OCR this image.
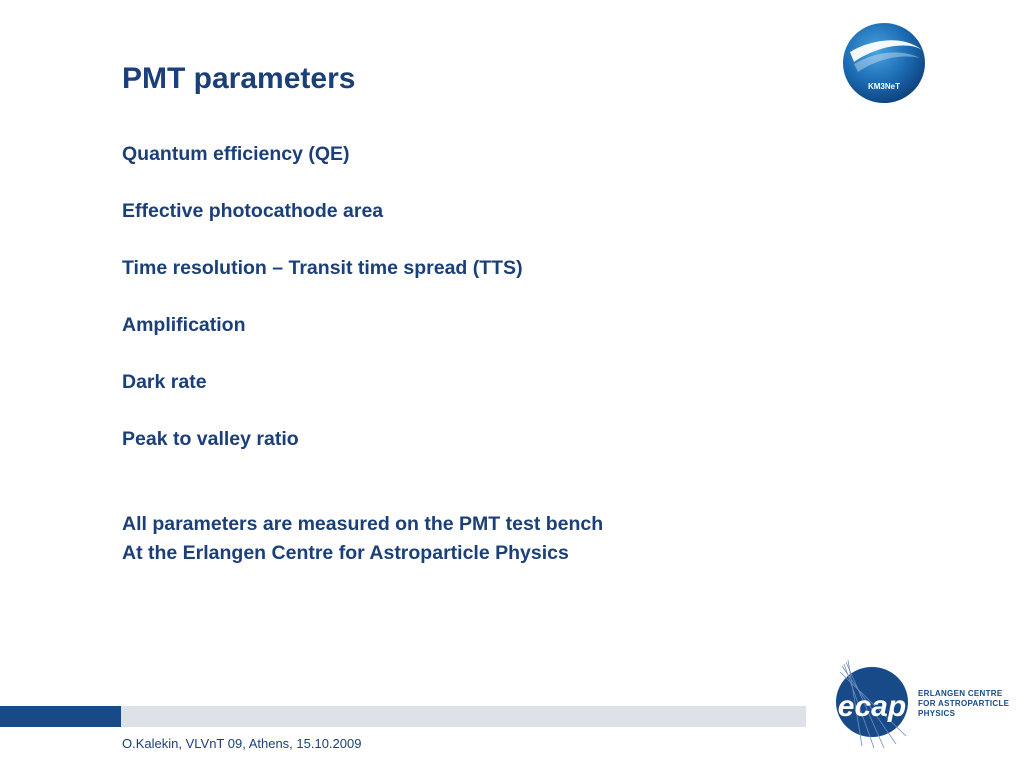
PMT parameters
Quantum efficiency (QE)
Effective photocathode area
Time resolution – Transit time spread (TTS)
Amplification
Dark rate
Peak to valley ratio
All parameters are measured on the PMT test bench
At the Erlangen Centre for Astroparticle Physics
KM3NeT
O.Kalekin, VLVnT 09, Athens, 15.10.2009
ecap ERLANGEN CENTRE
FOR ASTROPARTICLE
PHYSICS
